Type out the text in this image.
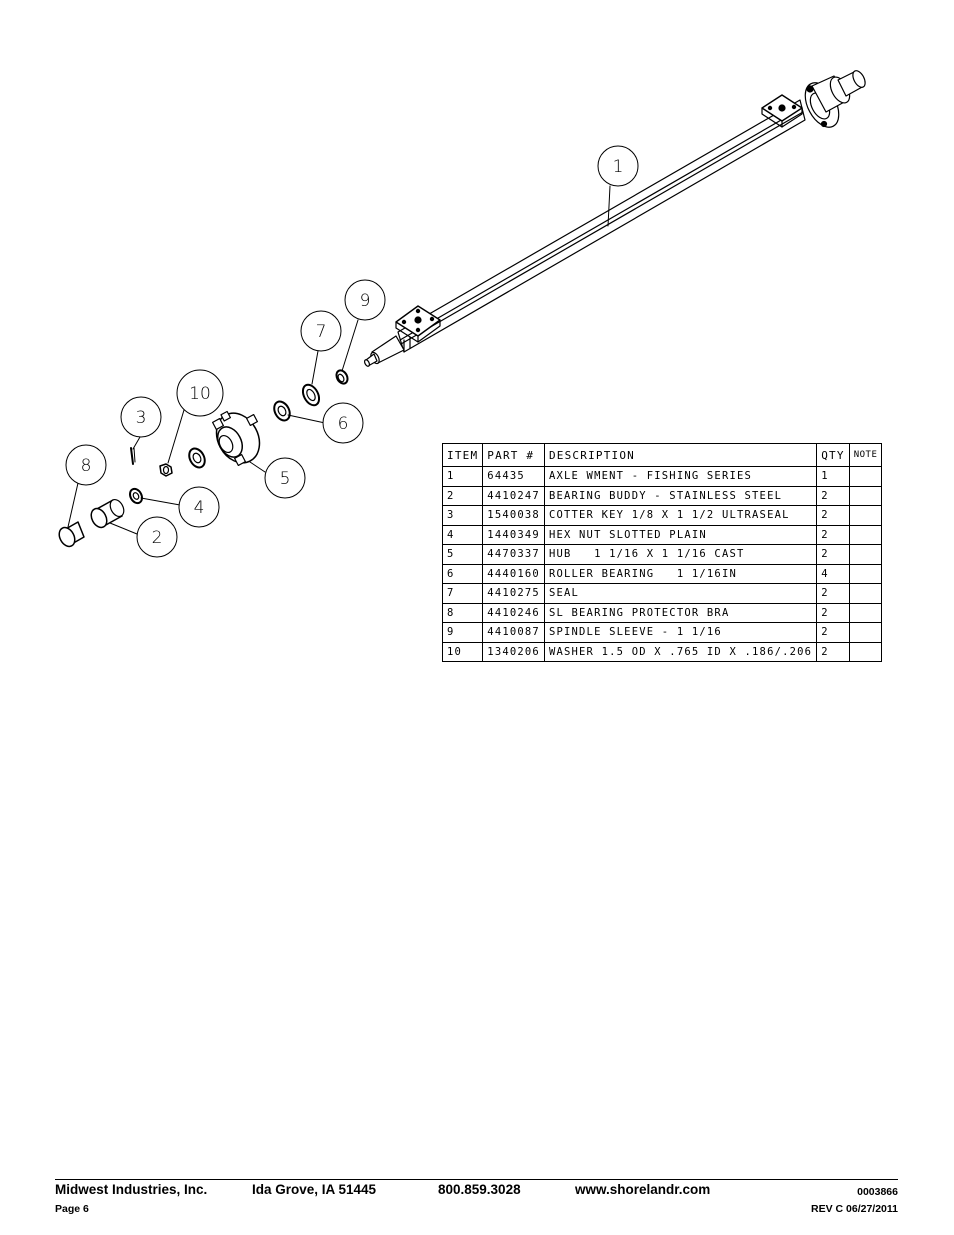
1
2
3
4
5
6
7
8
9
10
ITEM	PART #	DESCRIPTION	QTY	NOTE
1	64435	AXLE WMENT - FISHING SERIES	1	
2	4410247	BEARING BUDDY - STAINLESS STEEL	2	
3	1540038	COTTER KEY 1/8 X 1 1/2 ULTRASEAL	2	
4	1440349	HEX NUT SLOTTED PLAIN	2	
5	4470337	HUB   1 1/16 X 1 1/16 CAST	2	
6	4440160	ROLLER BEARING   1 1/16IN	4	
7	4410275	SEAL	2	
8	4410246	SL BEARING PROTECTOR BRA	2	
9	4410087	SPINDLE SLEEVE - 1 1/16	2	
10	1340206	WASHER 1.5 OD X .765 ID X .186/.206	2	
Midwest Industries, Inc.	Ida Grove, IA 51445	800.859.3028	www.shorelandr.com	0003866
Page 6	REV C 06/27/2011
